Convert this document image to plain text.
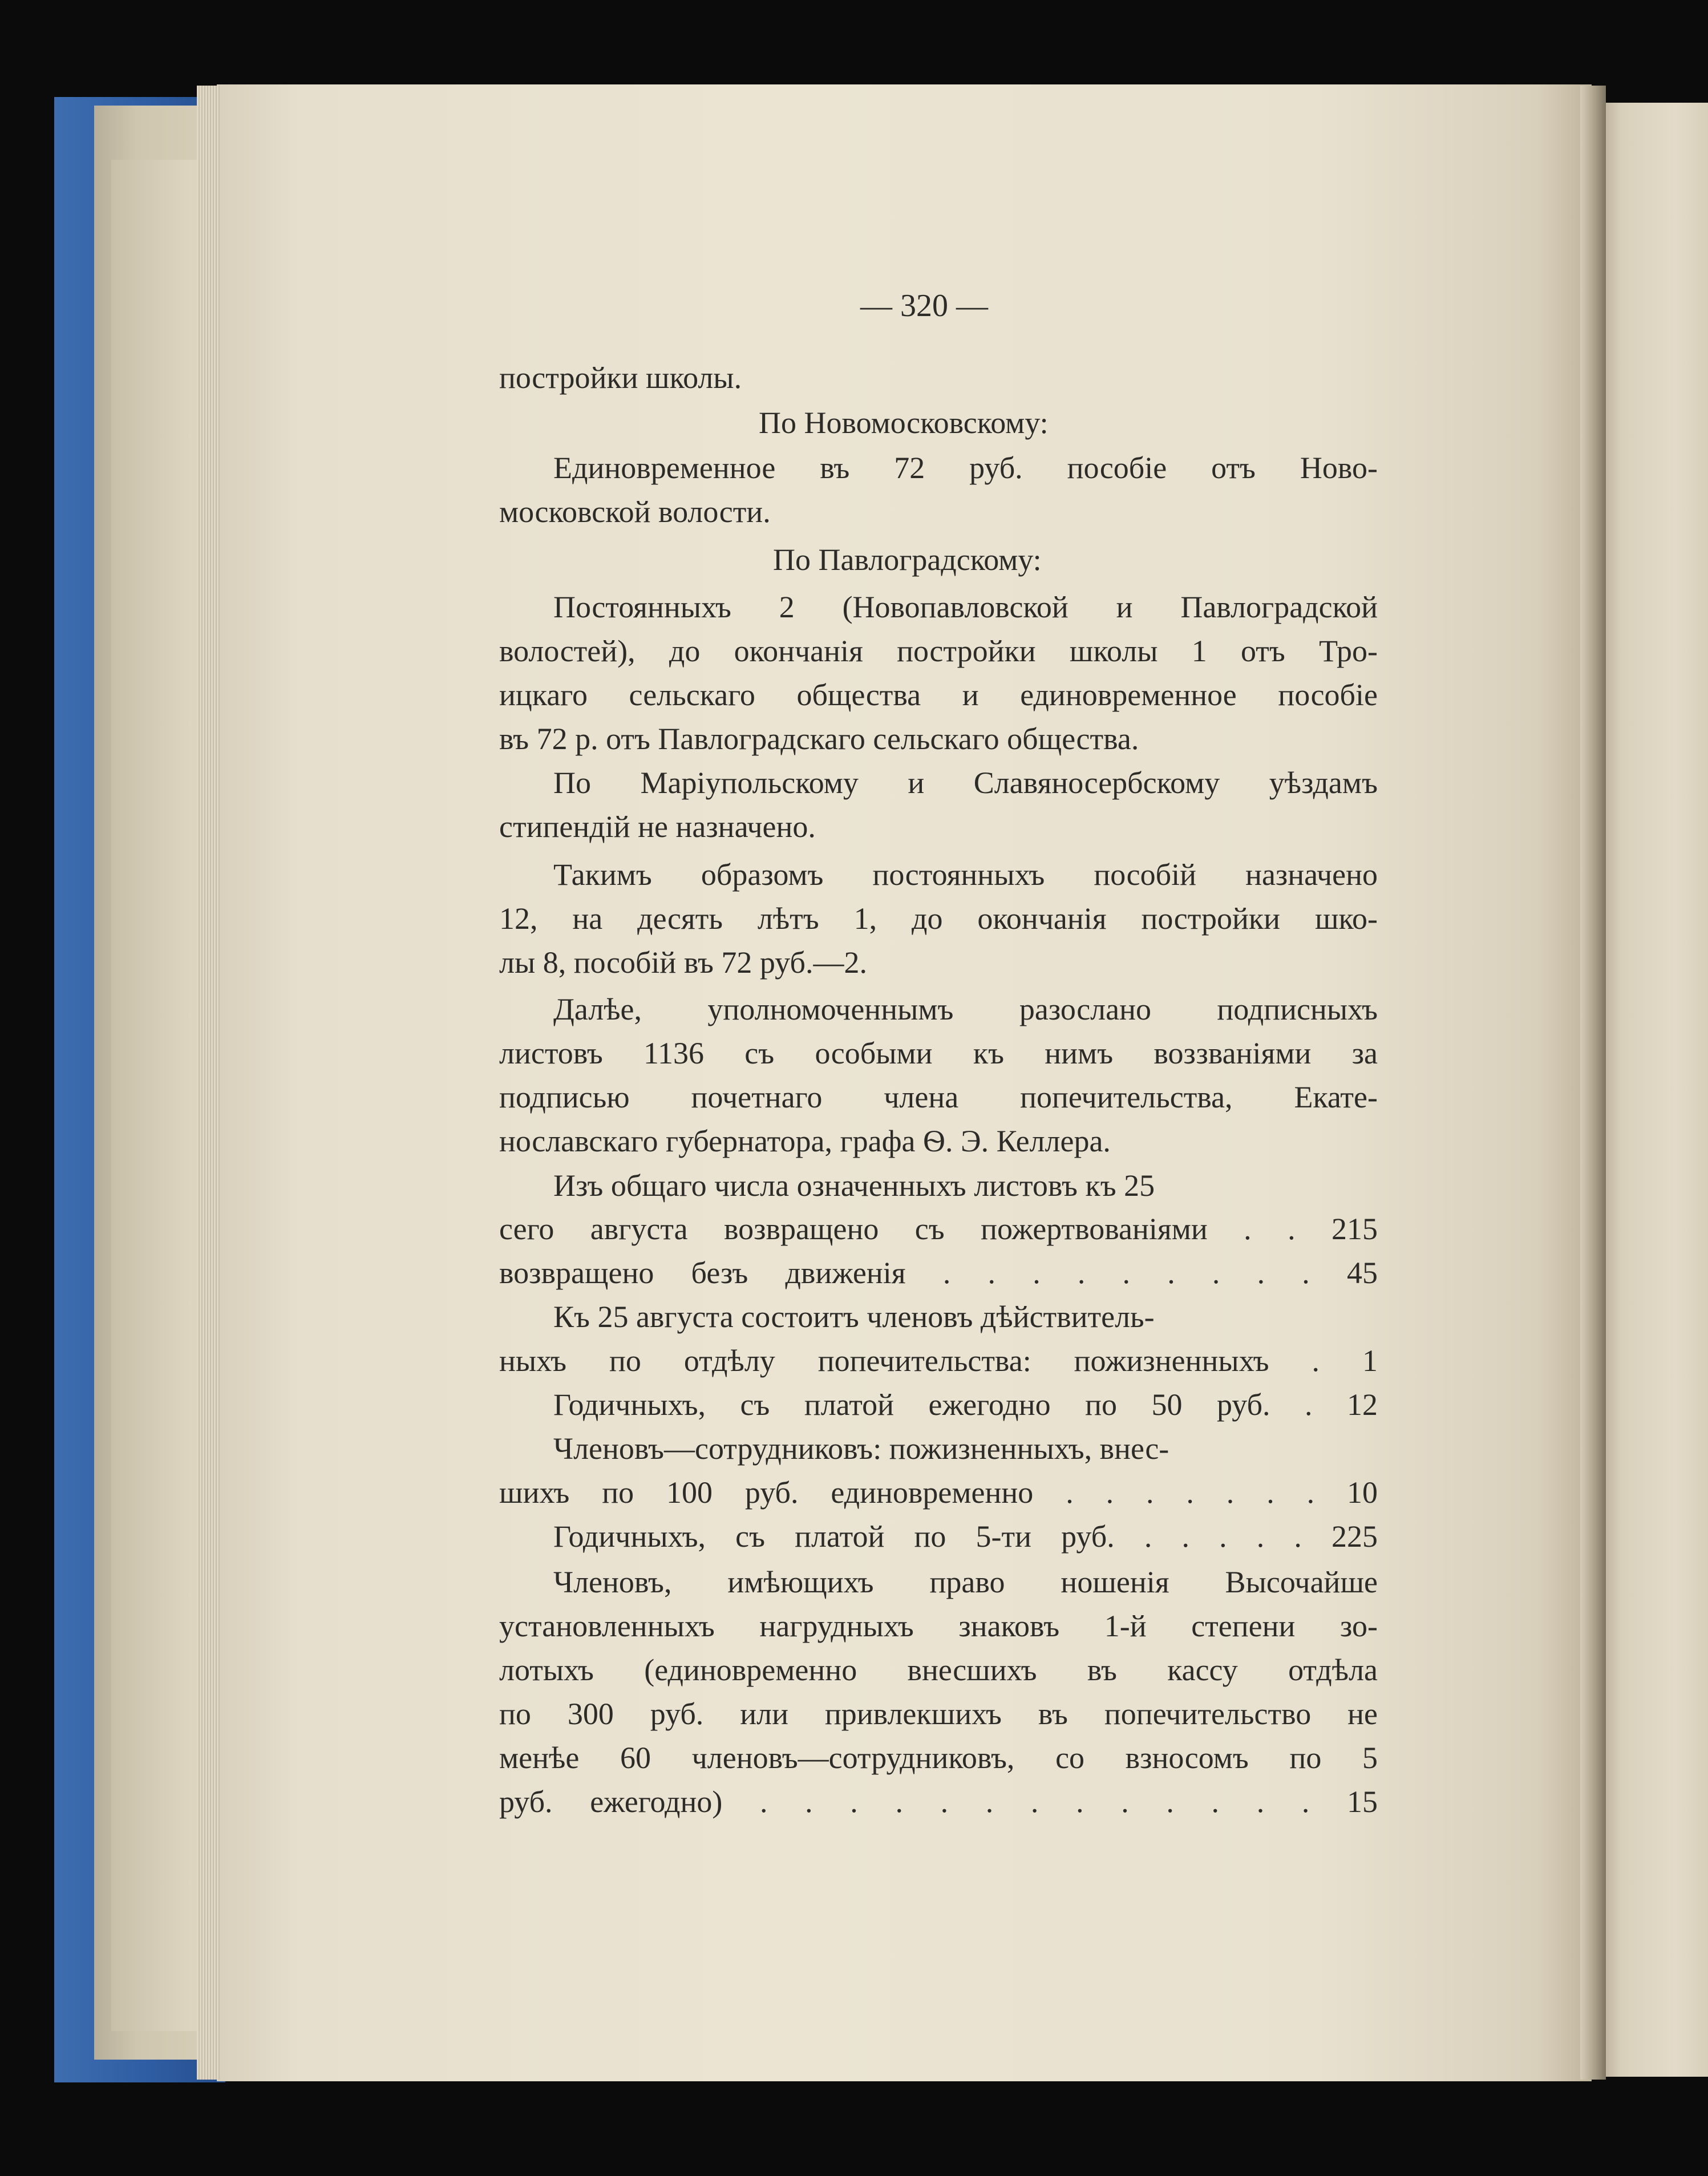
— 320 —
постройки школы.
По Новомосковскому:
Единовременное въ 72 руб. пособіе отъ Ново-
московской волости.
По Павлоградскому:
Постоянныхъ 2 (Новопавловской и Павлоградской
волостей), до окончанія постройки школы 1 отъ Тро-
ицкаго сельскаго общества и единовременное пособіе
въ 72 р. отъ Павлоградскаго сельскаго общества.
По Маріупольскому и Славяносербскому уѣздамъ
стипендій не назначено.
Такимъ образомъ постоянныхъ пособій назначено
12, на десять лѣтъ 1, до окончанія постройки шко-
лы 8, пособій въ 72 руб.—2.
Далѣе, уполномоченнымъ разослано подписныхъ
листовъ 1136 съ особыми къ нимъ воззваніями за
подписью почетнаго члена попечительства, Екате-
нославскаго губернатора, графа Ѳ. Э. Келлера.
Изъ общаго числа означенныхъ листовъ къ 25
сего августа возвращено съ пожертвованіями . . 215
возвращено безъ движенія . . . . . . . . . 45
Къ 25 августа состоитъ членовъ дѣйствитель-
ныхъ по отдѣлу попечительства: пожизненныхъ . 1
Годичныхъ, съ платой ежегодно по 50 руб. . 12
Членовъ—сотрудниковъ: пожизненныхъ, внес-
шихъ по 100 руб. единовременно . . . . . . . 10
Годичныхъ, съ платой по 5-ти руб. . . . . . 225
Членовъ, имѣющихъ право ношенія Высочайше
установленныхъ нагрудныхъ знаковъ 1-й степени зо-
лотыхъ (единовременно внесшихъ въ кассу отдѣла
по 300 руб. или привлекшихъ въ попечительство не
менѣе 60 членовъ—сотрудниковъ, со взносомъ по 5
руб. ежегодно) . . . . . . . . . . . . . 15
